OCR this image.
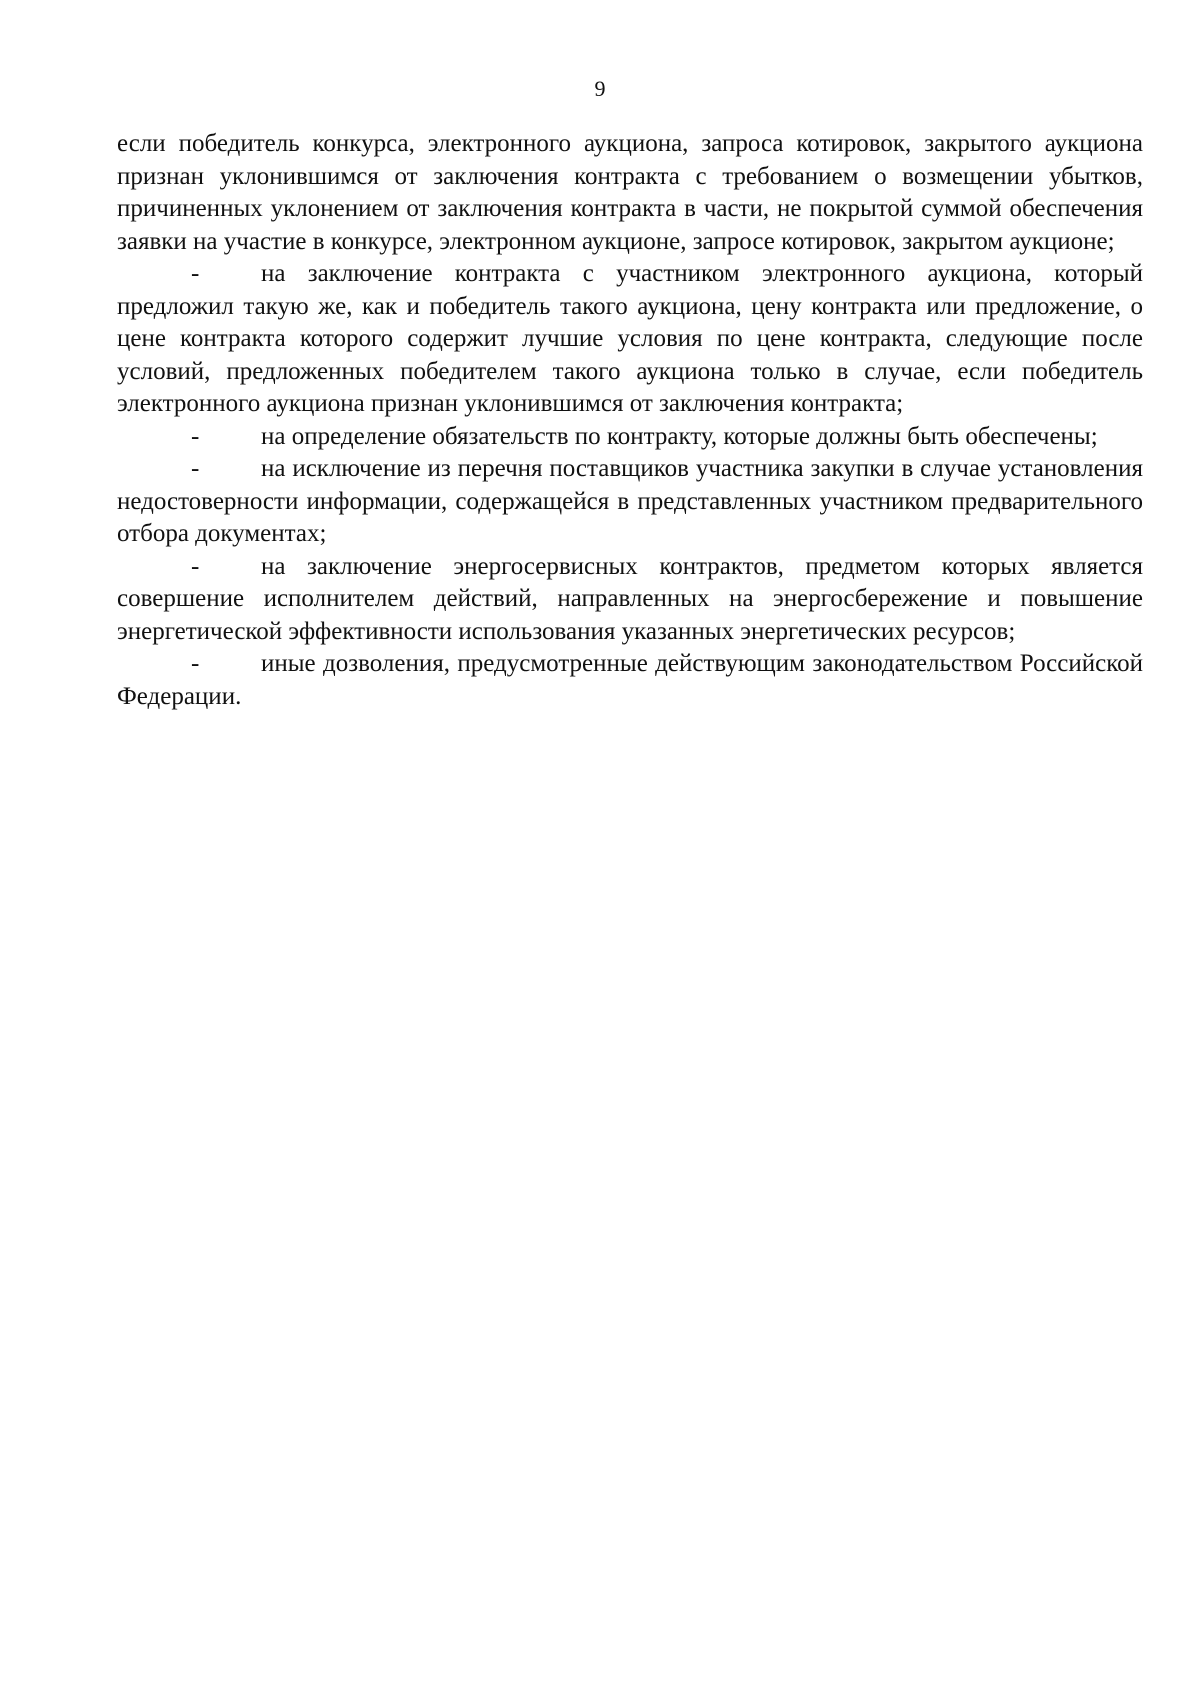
9

если победитель конкурса, электронного аукциона, запроса котировок, закрытого аукциона признан уклонившимся от заключения контракта с требованием о возмещении убытков, причиненных уклонением от заключения контракта в части, не покрытой суммой обеспечения заявки на участие в конкурсе, электронном аукционе, запросе котировок, закрытом аукционе;

- на заключение контракта с участником электронного аукциона, который предложил такую же, как и победитель такого аукциона, цену контракта или предложение, о цене контракта которого содержит лучшие условия по цене контракта, следующие после условий, предложенных победителем такого аукциона только в случае, если победитель электронного аукциона признан уклонившимся от заключения контракта;

- на определение обязательств по контракту, которые должны быть обеспечены;

- на исключение из перечня поставщиков участника закупки в случае установления недостоверности информации, содержащейся в представленных участником предварительного отбора документах;

- на заключение энергосервисных контрактов, предметом которых является совершение исполнителем действий, направленных на энергосбережение и повышение энергетической эффективности использования указанных энергетических ресурсов;

- иные дозволения, предусмотренные действующим законодательством Российской Федерации.
